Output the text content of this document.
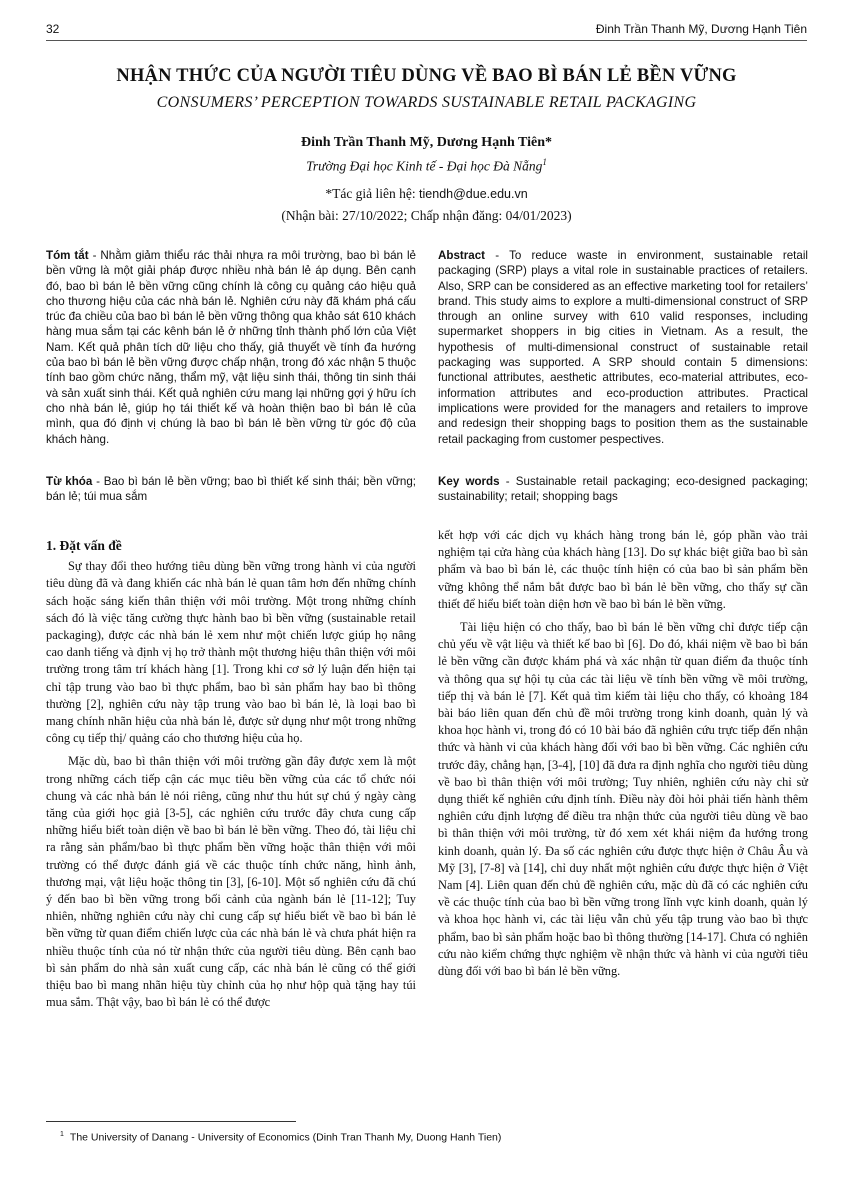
32	Đinh Trần Thanh Mỹ, Dương Hạnh Tiên
NHẬN THỨC CỦA NGƯỜI TIÊU DÙNG VỀ BAO BÌ BÁN LẺ BỀN VỮNG
CONSUMERS’ PERCEPTION TOWARDS SUSTAINABLE RETAIL PACKAGING
Đinh Trần Thanh Mỹ, Dương Hạnh Tiên*
Trường Đại học Kinh tế - Đại học Đà Nẵng$^1$
*Tác giả liên hệ: tiendh@due.edu.vn
(Nhận bài: 27/10/2022; Chấp nhận đăng: 04/01/2023)
Tóm tắt - Nhằm giảm thiểu rác thải nhựa ra môi trường, bao bì bán lẻ bền vững là một giải pháp được nhiều nhà bán lẻ áp dụng. Bên cạnh đó, bao bì bán lẻ bền vững cũng chính là công cụ quảng cáo hiệu quả cho thương hiệu của các nhà bán lẻ. Nghiên cứu này đã khám phá cấu trúc đa chiều của bao bì bán lẻ bền vững thông qua khảo sát 610 khách hàng mua sắm tại các kênh bán lẻ ở những tỉnh thành phố lớn của Việt Nam. Kết quả phân tích dữ liệu cho thấy, giả thuyết về tính đa hướng của bao bì bán lẻ bền vững được chấp nhận, trong đó xác nhận 5 thuộc tính bao gồm chức năng, thẩm mỹ, vật liệu sinh thái, thông tin sinh thái và sản xuất sinh thái. Kết quả nghiên cứu mang lại những gợi ý hữu ích cho nhà bán lẻ, giúp họ tái thiết kế và hoàn thiện bao bì bán lẻ của mình, qua đó định vị chúng là bao bì bán lẻ bền vững từ góc độ của khách hàng.
Abstract - To reduce waste in environment, sustainable retail packaging (SRP) plays a vital role in sustainable practices of retailers. Also, SRP can be considered as an effective marketing tool for retailers’ brand. This study aims to explore a multi-dimensional construct of SRP through an online survey with 610 valid responses, including supermarket shoppers in big cities in Vietnam. As a result, the hypothesis of multi-dimensional construct of sustainable retail packaging was supported. A SRP should contain 5 dimensions: functional attributes, aesthetic attributes, eco-material attributes, eco-information attributes and eco-production attributes. Practical implications were provided for the managers and retailers to improve and redesign their shopping bags to position them as the sustainable retail packaging from customer pespectives.
Từ khóa - Bao bì bán lẻ bền vững; bao bì thiết kế sinh thái; bền vững; bán lẻ; túi mua sắm
Key words - Sustainable retail packaging; eco-designed packaging; sustainability; retail; shopping bags
1. Đặt vấn đề

Sự thay đổi theo hướng tiêu dùng bền vững trong hành vi của người tiêu dùng đã và đang khiến các nhà bán lẻ quan tâm hơn đến những chính sách hoặc sáng kiến thân thiện với môi trường. Một trong những chính sách đó là việc tăng cường thực hành bao bì bền vững (sustainable retail packaging), được các nhà bán lẻ xem như một chiến lược giúp họ nâng cao danh tiếng và định vị họ trở thành một thương hiệu thân thiện với môi trường trong tâm trí khách hàng [1]. Trong khi cơ sở lý luận đến hiện tại chỉ tập trung vào bao bì thực phẩm, bao bì sản phẩm hay bao bì thông thường [2], nghiên cứu này tập trung vào bao bì bán lẻ, là loại bao bì mang chính nhãn hiệu của nhà bán lẻ, được sử dụng như một trong những công cụ tiếp thị/ quảng cáo cho thương hiệu của họ.

Mặc dù, bao bì thân thiện với môi trường gần đây được xem là một trong những cách tiếp cận các mục tiêu bền vững của các tổ chức nói chung và các nhà bán lẻ nói riêng, cũng như thu hút sự chú ý ngày càng tăng của giới học giả [3-5], các nghiên cứu trước đây chưa cung cấp những hiểu biết toàn diện về bao bì bán lẻ bền vững. Theo đó, tài liệu chỉ ra rằng sản phẩm/bao bì thực phẩm bền vững hoặc thân thiện với môi trường có thể được đánh giá về các thuộc tính chức năng, hình ảnh, thương mại, vật liệu hoặc thông tin [3], [6-10]. Một số nghiên cứu đã chú ý đến bao bì bền vững trong bối cảnh của ngành bán lẻ [11-12]; Tuy nhiên, những nghiên cứu này chỉ cung cấp sự hiểu biết về bao bì bán lẻ bền vững từ quan điểm chiến lược của các nhà bán lẻ và chưa phát hiện ra nhiều thuộc tính của nó từ nhận thức của người tiêu dùng. Bên cạnh bao bì sản phẩm do nhà sản xuất cung cấp, các nhà bán lẻ cũng có thể giới thiệu bao bì mang nhãn hiệu tùy chỉnh của họ như hộp quà tặng hay túi mua sắm. Thật vậy, bao bì bán lẻ có thể được

kết hợp với các dịch vụ khách hàng trong bán lẻ, góp phần vào trải nghiệm tại cửa hàng của khách hàng [13]. Do sự khác biệt giữa bao bì sản phẩm và bao bì bán lẻ, các thuộc tính hiện có của bao bì sản phẩm bền vững không thể nắm bắt được bao bì bán lẻ bền vững, cho thấy sự cần thiết để hiểu biết toàn diện hơn về bao bì bán lẻ bền vững.

Tài liệu hiện có cho thấy, bao bì bán lẻ bền vững chỉ được tiếp cận chủ yếu về vật liệu và thiết kế bao bì [6]. Do đó, khái niệm về bao bì bán lẻ bền vững cần được khám phá và xác nhận từ quan điểm đa thuộc tính và thông qua sự hội tụ của các tài liệu về tính bền vững về môi trường, tiếp thị và bán lẻ [7]. Kết quả tìm kiếm tài liệu cho thấy, có khoảng 184 bài báo liên quan đến chủ đề môi trường trong kinh doanh, quản lý và khoa học hành vi, trong đó có 10 bài báo đã nghiên cứu trực tiếp đến nhận thức và hành vi của khách hàng đối với bao bì bền vững. Các nghiên cứu trước đây, chẳng hạn, [3-4], [10] đã đưa ra định nghĩa cho người tiêu dùng về bao bì thân thiện với môi trường; Tuy nhiên, nghiên cứu này chỉ sử dụng thiết kế nghiên cứu định tính. Điều này đòi hỏi phải tiến hành thêm nghiên cứu định lượng để điều tra nhận thức của người tiêu dùng về bao bì thân thiện với môi trường, từ đó xem xét khái niệm đa hướng trong kinh doanh, quản lý. Đa số các nghiên cứu được thực hiện ở Châu Âu và Mỹ [3], [7-8] và [14], chỉ duy nhất một nghiên cứu được thực hiện ở Việt Nam [4]. Liên quan đến chủ đề nghiên cứu, mặc dù đã có các nghiên cứu về các thuộc tính của bao bì bền vững trong lĩnh vực kinh doanh, quản lý và khoa học hành vi, các tài liệu vẫn chủ yếu tập trung vào bao bì thực phẩm, bao bì sản phẩm hoặc bao bì thông thường [14-17]. Chưa có nghiên cứu nào kiểm chứng thực nghiệm về nhận thức và hành vi của người tiêu dùng đối với bao bì bán lẻ bền vững.

$^1$ The University of Danang - University of Economics (Dinh Tran Thanh My, Duong Hanh Tien)
